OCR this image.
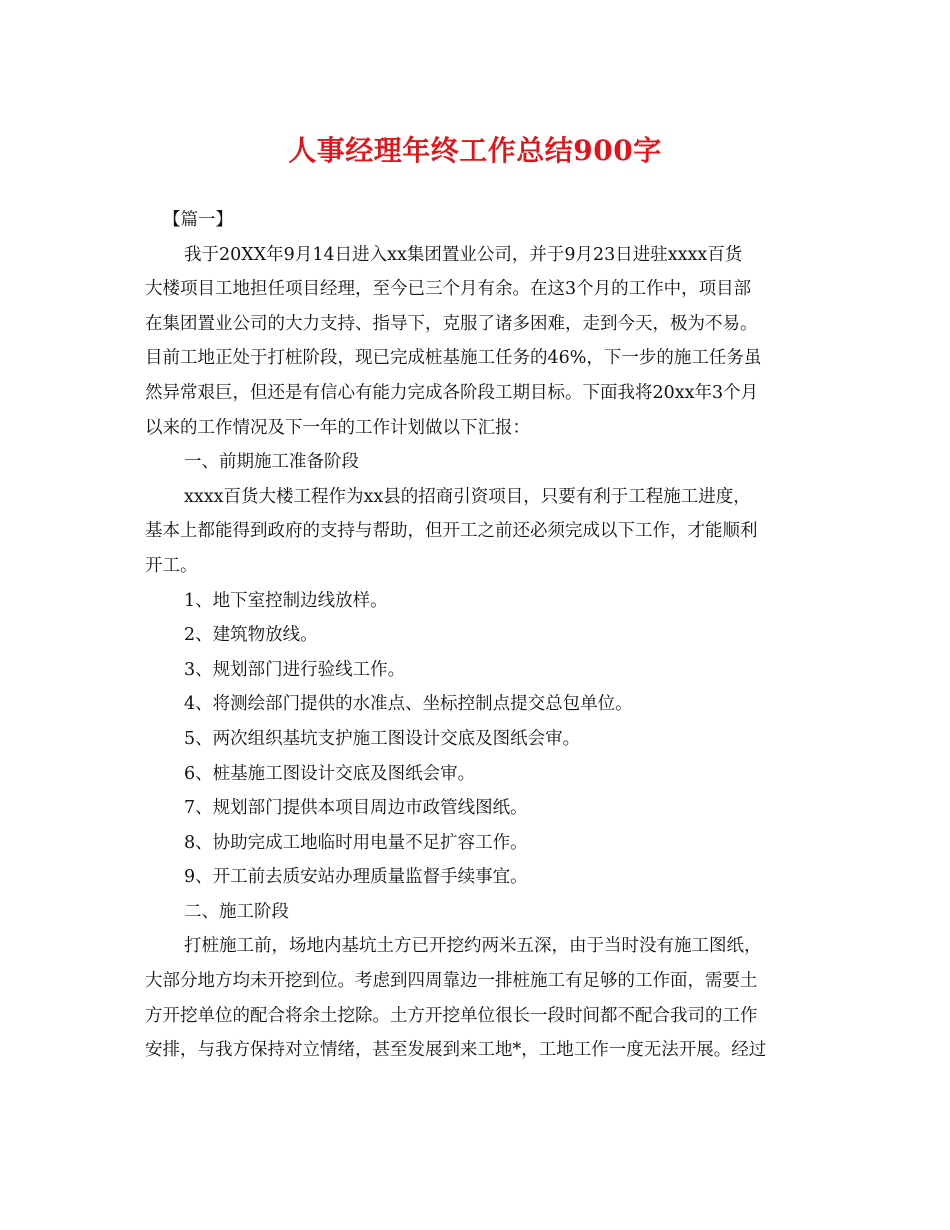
人事经理年终工作总结900字
【篇一】
我于20XX年9月14日进入xx集团置业公司，并于9月23日进驻xxxx百货
大楼项目工地担任项目经理，至今已三个月有余。在这3个月的工作中，项目部
在集团置业公司的大力支持、指导下，克服了诸多困难，走到今天，极为不易。
目前工地正处于打桩阶段，现已完成桩基施工任务的46%，下一步的施工任务虽
然异常艰巨，但还是有信心有能力完成各阶段工期目标。下面我将20xx年3个月
以来的工作情况及下一年的工作计划做以下汇报：
一、前期施工准备阶段
xxxx百货大楼工程作为xx县的招商引资项目，只要有利于工程施工进度，
基本上都能得到政府的支持与帮助，但开工之前还必须完成以下工作，才能顺利
开工。
1、地下室控制边线放样。
2、建筑物放线。
3、规划部门进行验线工作。
4、将测绘部门提供的水准点、坐标控制点提交总包单位。
5、两次组织基坑支护施工图设计交底及图纸会审。
6、桩基施工图设计交底及图纸会审。
7、规划部门提供本项目周边市政管线图纸。
8、协助完成工地临时用电量不足扩容工作。
9、开工前去质安站办理质量监督手续事宜。
二、施工阶段
打桩施工前，场地内基坑土方已开挖约两米五深，由于当时没有施工图纸，
大部分地方均未开挖到位。考虑到四周靠边一排桩施工有足够的工作面，需要土
方开挖单位的配合将余土挖除。土方开挖单位很长一段时间都不配合我司的工作
安排，与我方保持对立情绪，甚至发展到来工地*，工地工作一度无法开展。经过
